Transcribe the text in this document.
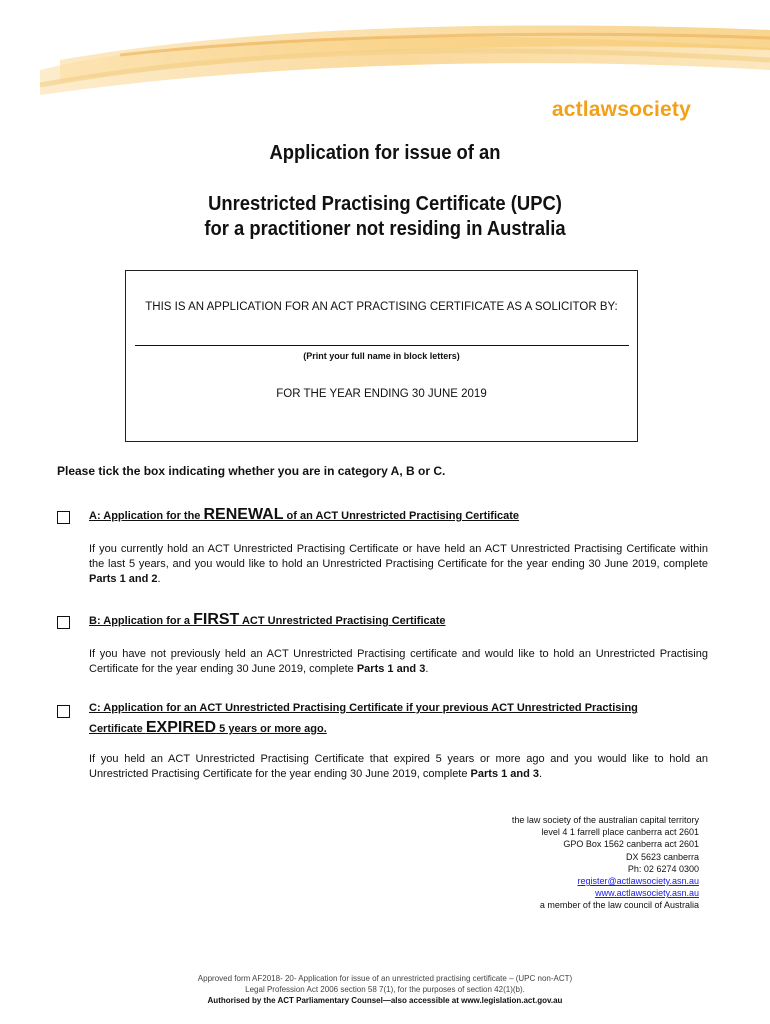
actlawsociety
Application for issue of an
Unrestricted Practising Certificate (UPC)
for a practitioner not residing in Australia
THIS IS AN APPLICATION FOR AN ACT PRACTISING CERTIFICATE AS A SOLICITOR BY:
(Print your full name in block letters)
FOR THE YEAR ENDING 30 JUNE 2019
Please tick the box indicating whether you are in category A, B or C.
A: Application for the RENEWAL of an ACT Unrestricted Practising Certificate
If you currently hold an ACT Unrestricted Practising Certificate or have held an ACT Unrestricted Practising Certificate within the last 5 years, and you would like to hold an Unrestricted Practising Certificate for the year ending 30 June 2019, complete Parts 1 and 2.
B: Application for a FIRST ACT Unrestricted Practising Certificate
If you have not previously held an ACT Unrestricted Practising certificate and would like to hold an Unrestricted Practising Certificate for the year ending 30 June 2019, complete Parts 1 and 3.
C: Application for an ACT Unrestricted Practising Certificate if your previous ACT Unrestricted Practising Certificate EXPIRED 5 years or more ago.
If you held an ACT Unrestricted Practising Certificate that expired 5 years or more ago and you would like to hold an Unrestricted Practising Certificate for the year ending 30 June 2019, complete Parts 1 and 3.
the law society of the australian capital territory
level 4 1 farrell place canberra act 2601
GPO Box 1562 canberra act 2601
DX 5623 canberra
Ph: 02 6274 0300
register@actlawsociety.asn.au
www.actlawsociety.asn.au
a member of the law council of Australia
Approved form AF2018- 20- Application for issue of an unrestricted practising certificate – (UPC non-ACT)
Legal Profession Act 2006 section 58 7(1), for the purposes of section 42(1)(b).
Authorised by the ACT Parliamentary Counsel—also accessible at www.legislation.act.gov.au
